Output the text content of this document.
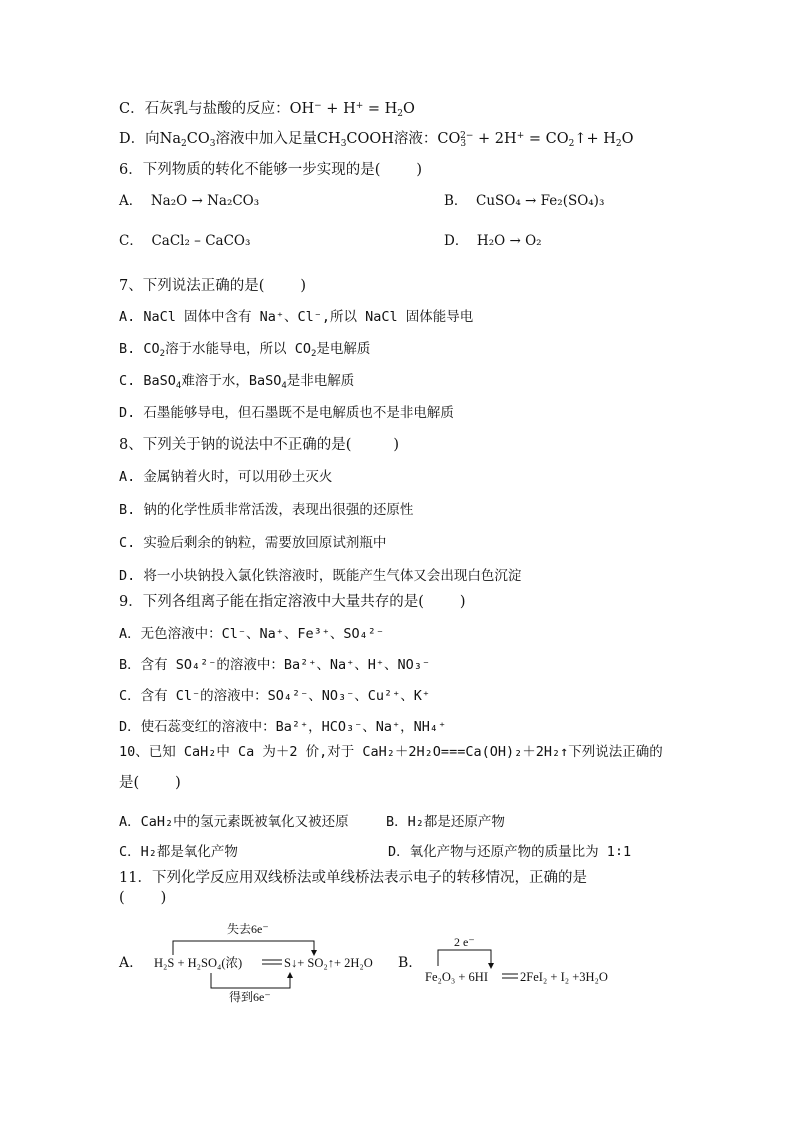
C．石灰乳与盐酸的反应：$OH^- + H^+ = H_2O$
D．向$Na_2CO_3$溶液中加入足量$CH_3COOH$溶液：$CO_3^{2-} + 2H^+$ = $CO_2↑+ H_2O$
6．下列物质的转化不能够一步实现的是( )
A． Na₂O → Na₂CO₃	B． CuSO₄ → Fe₂(SO₄)₃
C． CaCl₂ – CaCO₃	D． H₂O → O₂
7、下列说法正确的是( )
A. NaCl 固体中含有 Na⁺、Cl⁻,所以 NaCl 固体能导电
B. $CO_2$溶于水能导电，所以 $CO_2$是电解质
C. BaSO$_4$难溶于水，BaSO$_4$是非电解质
D. 石墨能够导电，但石墨既不是电解质也不是非电解质
8、下列关于钠的说法中不正确的是(	)
A. 金属钠着火时，可以用砂土灭火
B. 钠的化学性质非常活泼，表现出很强的还原性
C. 实验后剩余的钠粒，需要放回原试剂瓶中
D. 将一小块钠投入氯化铁溶液时，既能产生气体又会出现白色沉淀
9．下列各组离子能在指定溶液中大量共存的是( )
A．无色溶液中：Cl⁻、Na⁺、Fe³⁺、SO₄²⁻
B．含有 SO₄²⁻的溶液中：Ba²⁺、Na⁺、H⁺、NO₃⁻
C．含有 Cl⁻的溶液中：SO₄²⁻、NO₃⁻、Cu²⁺、K⁺
D．使石蕊变红的溶液中：Ba²⁺，HCO₃⁻、Na⁺，NH₄⁺
10、已知 CaH₂中 Ca 为＋2 价,对于 CaH₂＋2H₂O===Ca(OH)₂＋2H₂↑下列说法正确的
是( )
A．CaH₂中的氢元素既被氧化又被还原	B．H₂都是还原产物
C．H₂都是氧化产物	D．氧化产物与还原产物的质量比为 1∶1
11．下列化学反应用双线桥法或单线桥法表示电子的转移情况，正确的是
( )
A.
失去6e⁻
得到6e⁻
H₂S + H₂SO₄(浓)	S↓+ SO₂↑+ 2H₂O B.
2 e⁻
Fe₂O₃ + 6HI	2FeI₂ + I₂ +3H₂O
